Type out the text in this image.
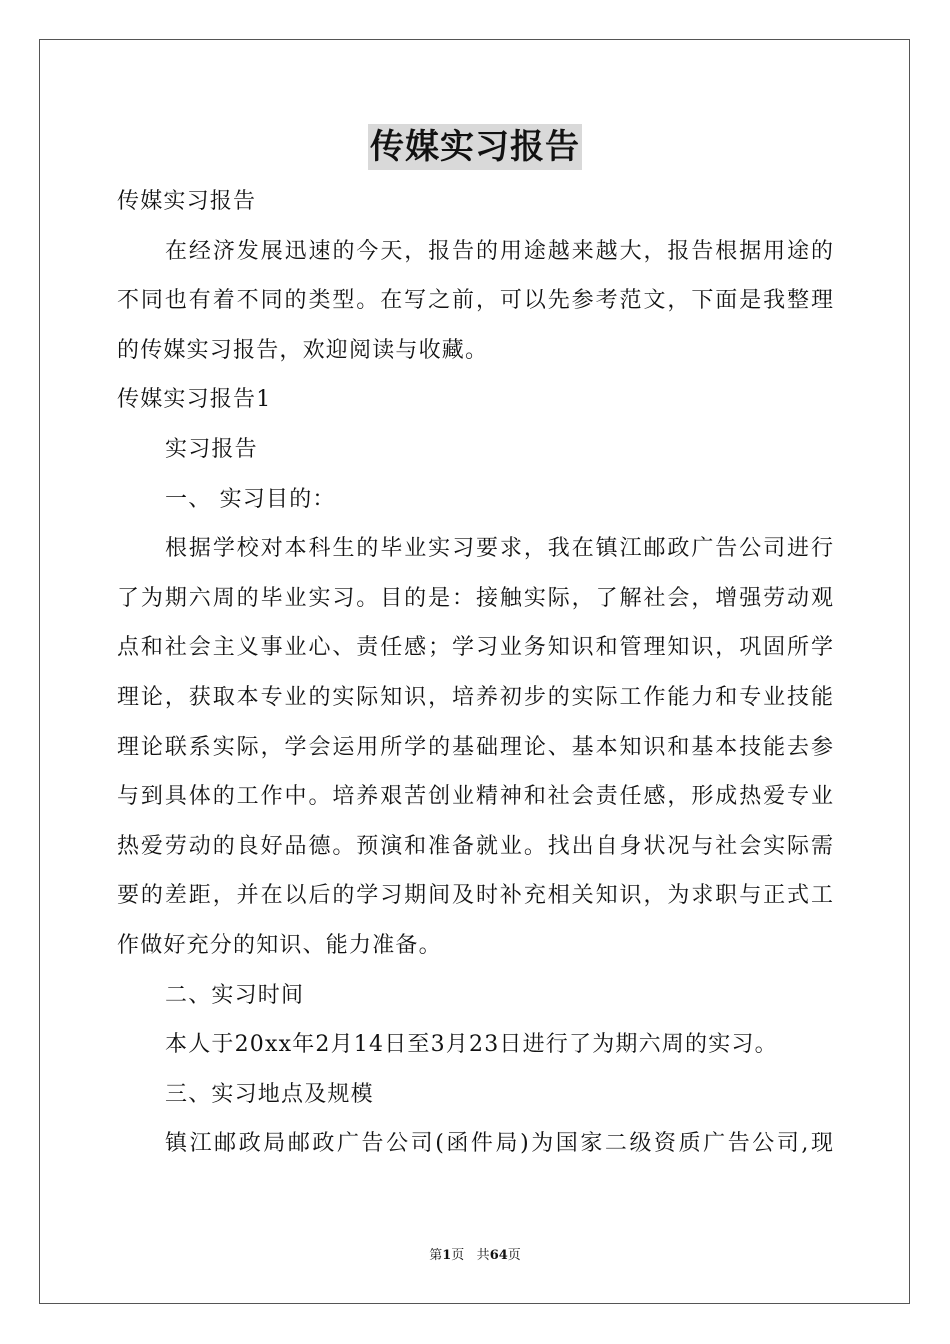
传媒实习报告
传媒实习报告
在经济发展迅速的今天，报告的用途越来越大，报告根据用途的
不同也有着不同的类型。在写之前，可以先参考范文，下面是我整理
的传媒实习报告，欢迎阅读与收藏。
传媒实习报告1
实习报告
一、 实习目的：
根据学校对本科生的毕业实习要求，我在镇江邮政广告公司进行
了为期六周的毕业实习。目的是：接触实际，了解社会，增强劳动观
点和社会主义事业心、责任感；学习业务知识和管理知识，巩固所学
理论，获取本专业的实际知识，培养初步的实际工作能力和专业技能
理论联系实际，学会运用所学的基础理论、基本知识和基本技能去参
与到具体的工作中。培养艰苦创业精神和社会责任感，形成热爱专业
热爱劳动的良好品德。预演和准备就业。找出自身状况与社会实际需
要的差距，并在以后的学习期间及时补充相关知识，为求职与正式工
作做好充分的知识、能力准备。
二、实习时间
本人于20xx年2月14日至3月23日进行了为期六周的实习。
三、实习地点及规模
镇江邮政局邮政广告公司(函件局)为国家二级资质广告公司,现
第1页 共64页
